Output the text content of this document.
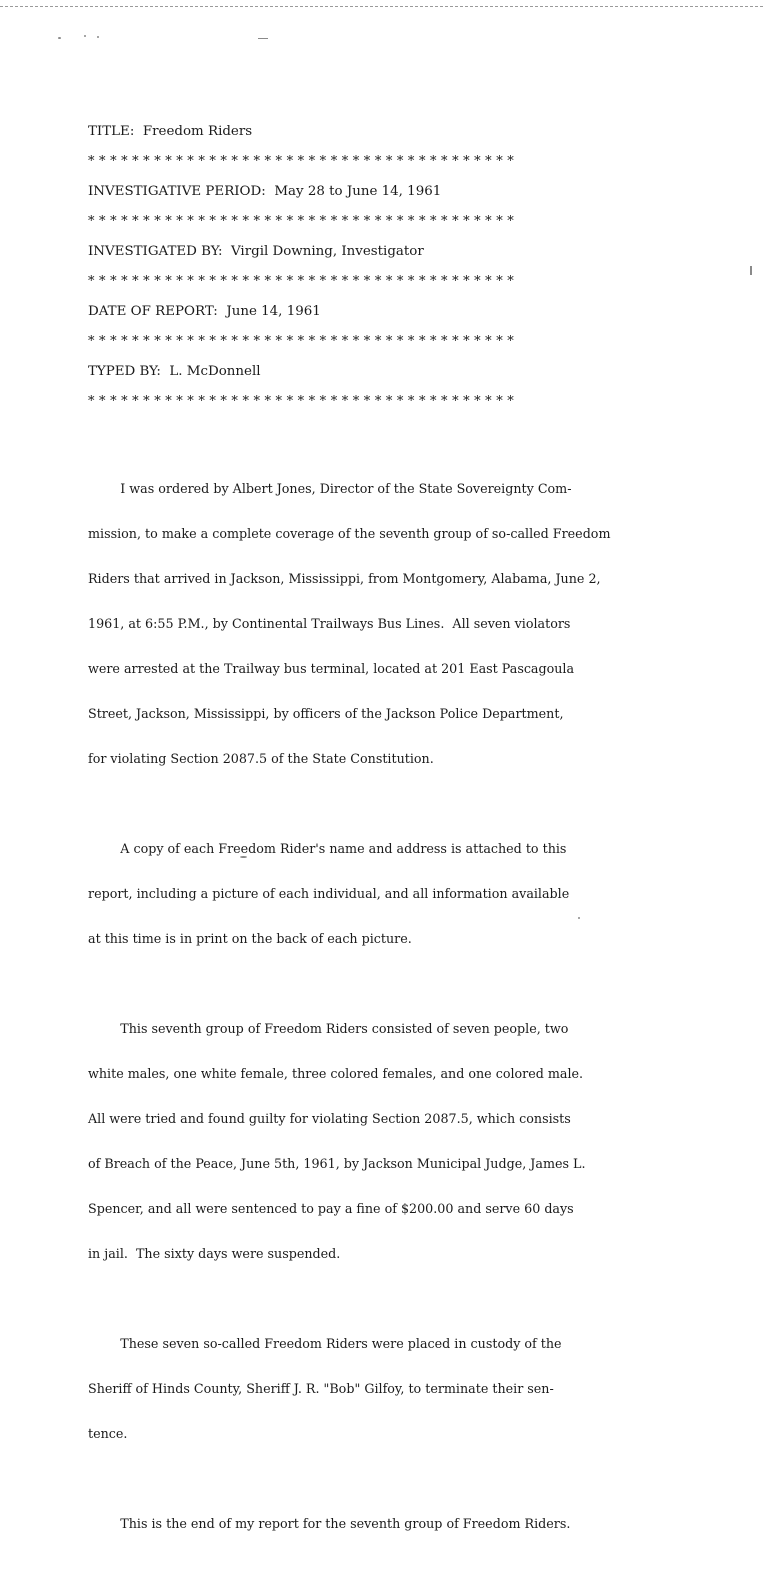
TITLE: Freedom Riders
* * * * * * * * * * * * * * * * * * * * * * * * * * * * * * * * * * * * * * *
INVESTIGATIVE PERIOD: May 28 to June 14, 1961
* * * * * * * * * * * * * * * * * * * * * * * * * * * * * * * * * * * * * * *
INVESTIGATED BY: Virgil Downing, Investigator
* * * * * * * * * * * * * * * * * * * * * * * * * * * * * * * * * * * * * * *
DATE OF REPORT: June 14, 1961
* * * * * * * * * * * * * * * * * * * * * * * * * * * * * * * * * * * * * * *
TYPED BY: L. McDonnell
* * * * * * * * * * * * * * * * * * * * * * * * * * * * * * * * * * * * * * *

I was ordered by Albert Jones, Director of the State Sovereignty Com-

mission, to make a complete coverage of the seventh group of so-called Freedom

Riders that arrived in Jackson, Mississippi, from Montgomery, Alabama, June 2,

1961, at 6:55 P.M., by Continental Trailways Bus Lines.  All seven violators

were arrested at the Trailway bus terminal, located at 201 East Pascagoula

Street, Jackson, Mississippi, by officers of the Jackson Police Department,

for violating Section 2087.5 of the State Constitution.

A copy of each Freedom Rider's name and address is attached to this

report, including a picture of each individual, and all information available

at this time is in print on the back of each picture.

This seventh group of Freedom Riders consisted of seven people, two

white males, one white female, three colored females, and one colored male.

All were tried and found guilty for violating Section 2087.5, which consists

of Breach of the Peace, June 5th, 1961, by Jackson Municipal Judge, James L.

Spencer, and all were sentenced to pay a fine of $200.00 and serve 60 days

in jail.  The sixty days were suspended.

These seven so-called Freedom Riders were placed in custody of the

Sheriff of Hinds County, Sheriff J. R. "Bob" Gilfoy, to terminate their sen-

tence.

This is the end of my report for the seventh group of Freedom Riders.
